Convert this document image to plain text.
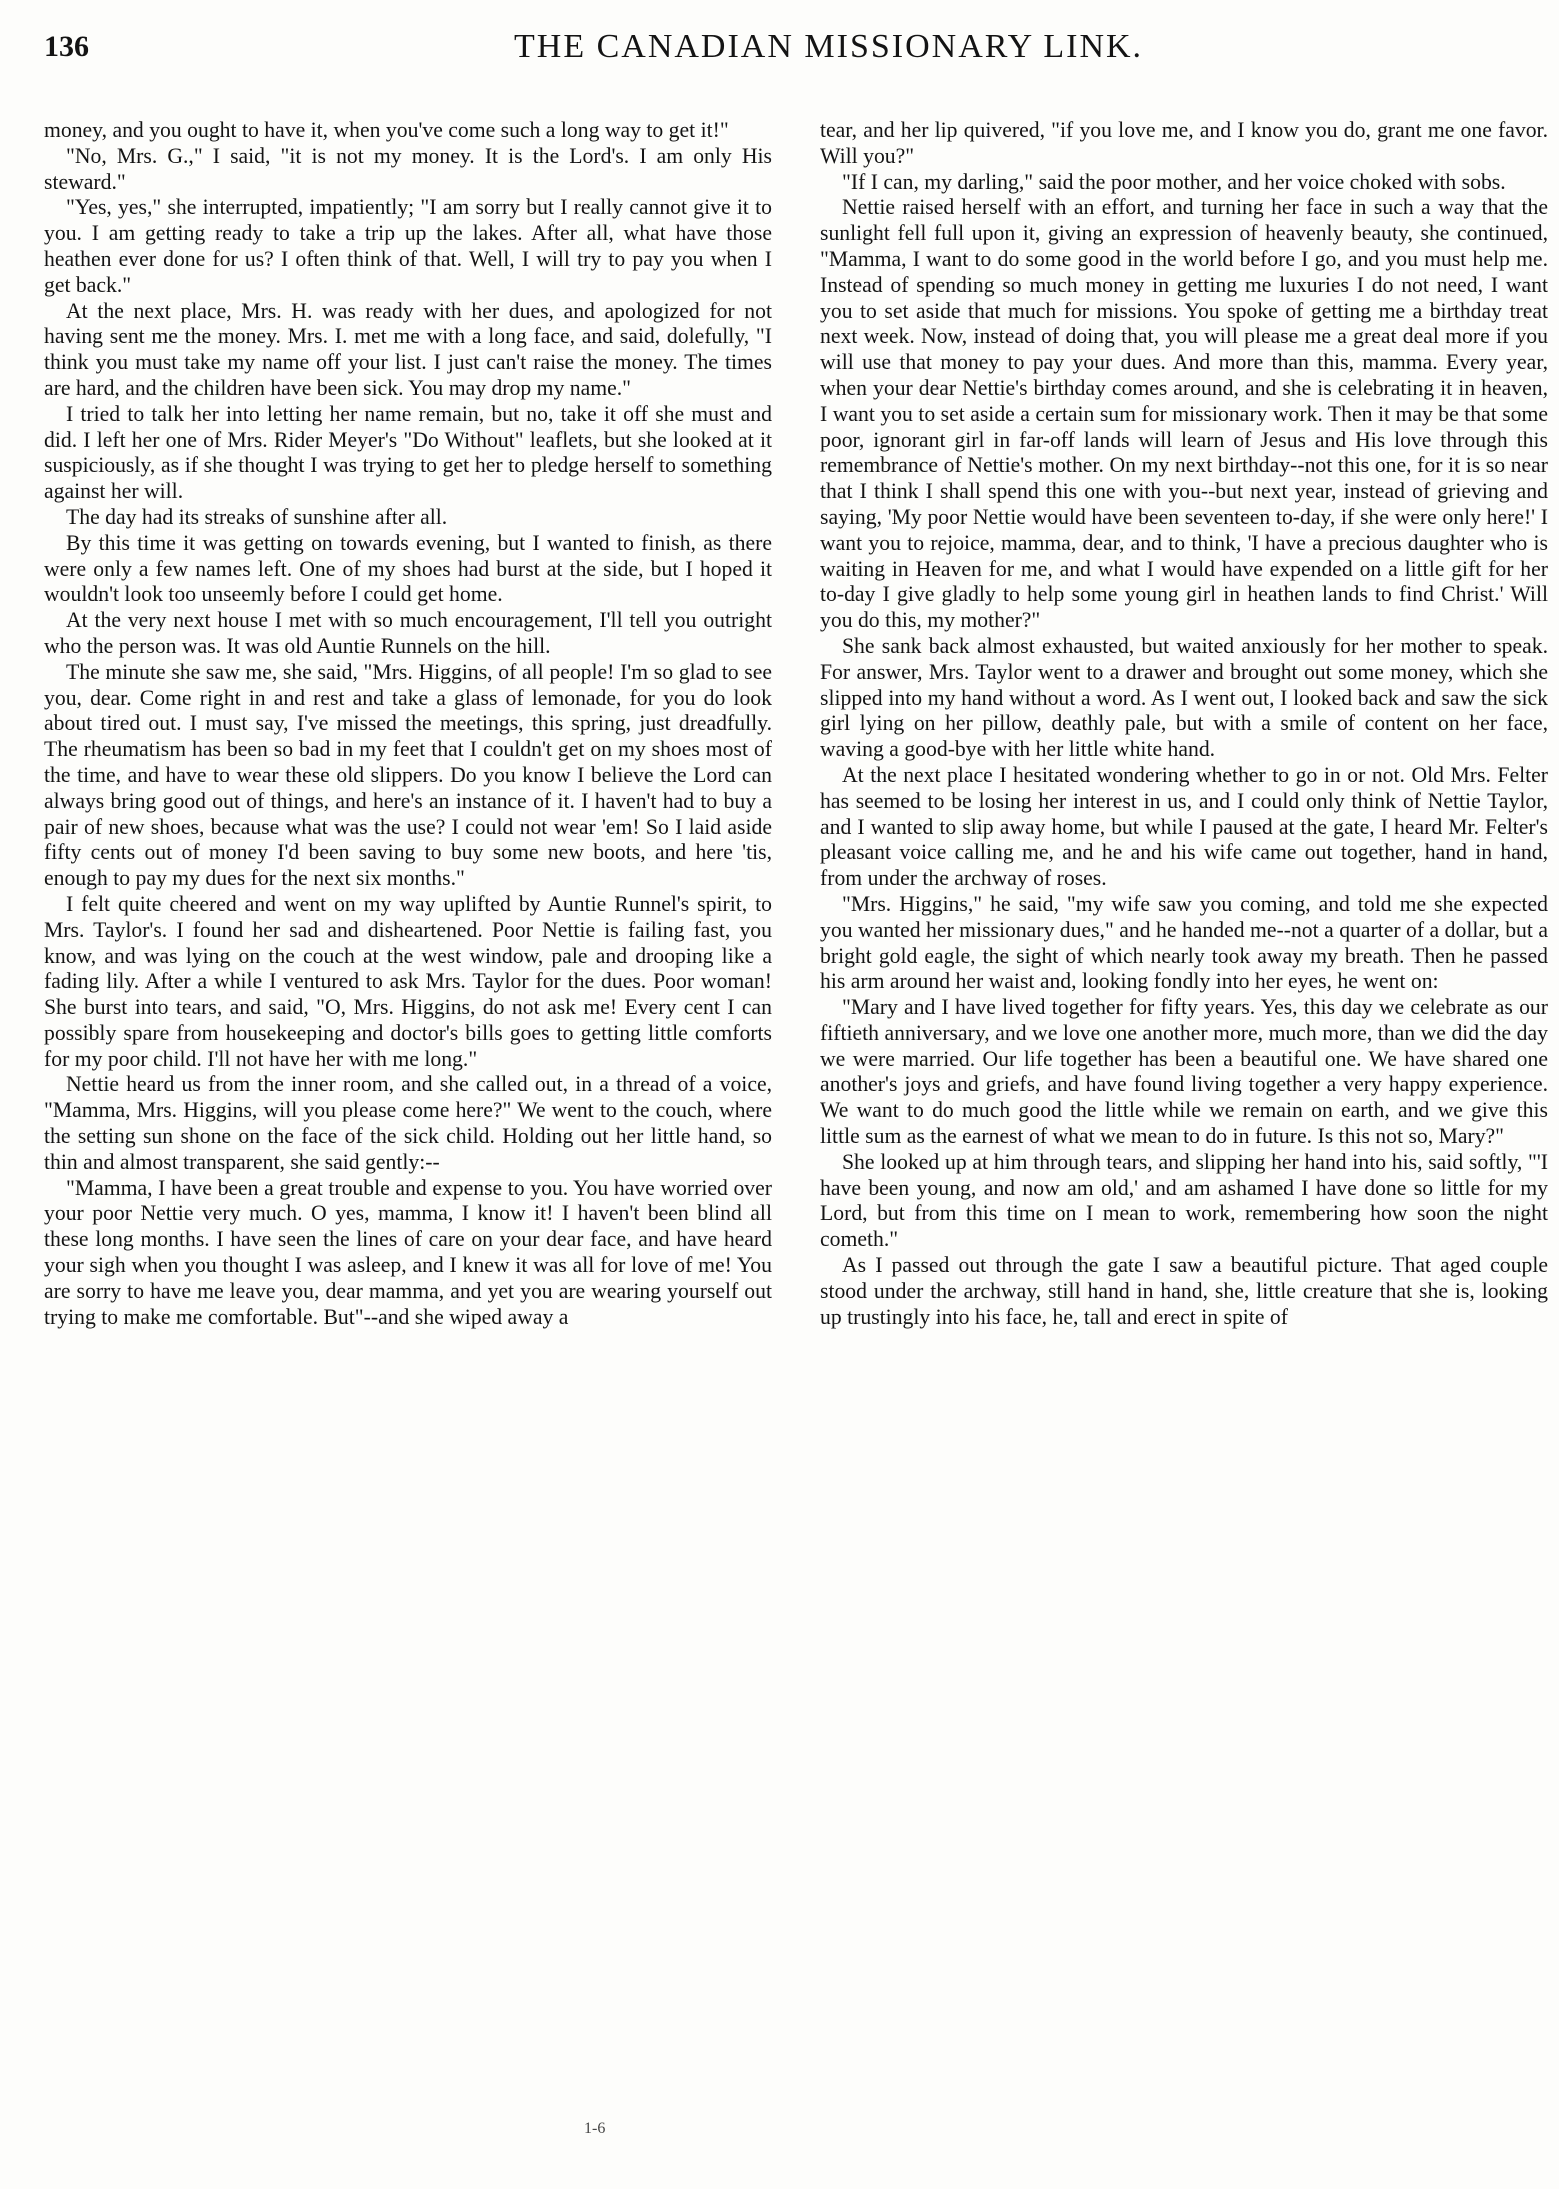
136	THE CANADIAN MISSIONARY LINK.

money, and you ought to have it, when you've come such a long way to get it!"

"No, Mrs. G.," I said, "it is not my money. It is the Lord's. I am only His steward."

"Yes, yes," she interrupted, impatiently; "I am sorry but I really cannot give it to you. I am getting ready to take a trip up the lakes. After all, what have those heathen ever done for us? I often think of that. Well, I will try to pay you when I get back."

At the next place, Mrs. H. was ready with her dues, and apologized for not having sent me the money. Mrs. I. met me with a long face, and said, dolefully, "I think you must take my name off your list. I just can't raise the money. The times are hard, and the children have been sick. You may drop my name."

I tried to talk her into letting her name remain, but no, take it off she must and did. I left her one of Mrs. Rider Meyer's "Do Without" leaflets, but she looked at it suspiciously, as if she thought I was trying to get her to pledge herself to something against her will.

The day had its streaks of sunshine after all.

By this time it was getting on towards evening, but I wanted to finish, as there were only a few names left. One of my shoes had burst at the side, but I hoped it wouldn't look too unseemly before I could get home.

At the very next house I met with so much encouragement, I'll tell you outright who the person was. It was old Auntie Runnels on the hill.

The minute she saw me, she said, "Mrs. Higgins, of all people! I'm so glad to see you, dear. Come right in and rest and take a glass of lemonade, for you do look about tired out. I must say, I've missed the meetings, this spring, just dreadfully. The rheumatism has been so bad in my feet that I couldn't get on my shoes most of the time, and have to wear these old slippers. Do you know I believe the Lord can always bring good out of things, and here's an instance of it. I haven't had to buy a pair of new shoes, because what was the use? I could not wear 'em! So I laid aside fifty cents out of money I'd been saving to buy some new boots, and here 'tis, enough to pay my dues for the next six months."

I felt quite cheered and went on my way uplifted by Auntie Runnel's spirit, to Mrs. Taylor's. I found her sad and disheartened. Poor Nettie is failing fast, you know, and was lying on the couch at the west window, pale and drooping like a fading lily. After a while I ventured to ask Mrs. Taylor for the dues. Poor woman! She burst into tears, and said, "O, Mrs. Higgins, do not ask me! Every cent I can possibly spare from housekeeping and doctor's bills goes to getting little comforts for my poor child. I'll not have her with me long."

Nettie heard us from the inner room, and she called out, in a thread of a voice, "Mamma, Mrs. Higgins, will you please come here?" We went to the couch, where the setting sun shone on the face of the sick child. Holding out her little hand, so thin and almost transparent, she said gently:--

"Mamma, I have been a great trouble and expense to you. You have worried over your poor Nettie very much. O yes, mamma, I know it! I haven't been blind all these long months. I have seen the lines of care on your dear face, and have heard your sigh when you thought I was asleep, and I knew it was all for love of me! You are sorry to have me leave you, dear mamma, and yet you are wearing yourself out trying to make me comfortable. But"--and she wiped away a

tear, and her lip quivered, "if you love me, and I know you do, grant me one favor. Will you?"

"If I can, my darling," said the poor mother, and her voice choked with sobs.

Nettie raised herself with an effort, and turning her face in such a way that the sunlight fell full upon it, giving an expression of heavenly beauty, she continued, "Mamma, I want to do some good in the world before I go, and you must help me. Instead of spending so much money in getting me luxuries I do not need, I want you to set aside that much for missions. You spoke of getting me a birthday treat next week. Now, instead of doing that, you will please me a great deal more if you will use that money to pay your dues. And more than this, mamma. Every year, when your dear Nettie's birthday comes around, and she is celebrating it in heaven, I want you to set aside a certain sum for missionary work. Then it may be that some poor, ignorant girl in far-off lands will learn of Jesus and His love through this remembrance of Nettie's mother. On my next birthday--not this one, for it is so near that I think I shall spend this one with you--but next year, instead of grieving and saying, 'My poor Nettie would have been seventeen to-day, if she were only here!' I want you to rejoice, mamma, dear, and to think, 'I have a precious daughter who is waiting in Heaven for me, and what I would have expended on a little gift for her to-day I give gladly to help some young girl in heathen lands to find Christ.' Will you do this, my mother?"

She sank back almost exhausted, but waited anxiously for her mother to speak. For answer, Mrs. Taylor went to a drawer and brought out some money, which she slipped into my hand without a word. As I went out, I looked back and saw the sick girl lying on her pillow, deathly pale, but with a smile of content on her face, waving a good-bye with her little white hand.

At the next place I hesitated wondering whether to go in or not. Old Mrs. Felter has seemed to be losing her interest in us, and I could only think of Nettie Taylor, and I wanted to slip away home, but while I paused at the gate, I heard Mr. Felter's pleasant voice calling me, and he and his wife came out together, hand in hand, from under the archway of roses.

"Mrs. Higgins," he said, "my wife saw you coming, and told me she expected you wanted her missionary dues," and he handed me--not a quarter of a dollar, but a bright gold eagle, the sight of which nearly took away my breath. Then he passed his arm around her waist and, looking fondly into her eyes, he went on:

"Mary and I have lived together for fifty years. Yes, this day we celebrate as our fiftieth anniversary, and we love one another more, much more, than we did the day we were married. Our life together has been a beautiful one. We have shared one another's joys and griefs, and have found living together a very happy experience. We want to do much good the little while we remain on earth, and we give this little sum as the earnest of what we mean to do in future. Is this not so, Mary?"

She looked up at him through tears, and slipping her hand into his, said softly, "'I have been young, and now am old,' and am ashamed I have done so little for my Lord, but from this time on I mean to work, remembering how soon the night cometh."

As I passed out through the gate I saw a beautiful picture. That aged couple stood under the archway, still hand in hand, she, little creature that she is, looking up trustingly into his face, he, tall and erect in spite of

1-6
